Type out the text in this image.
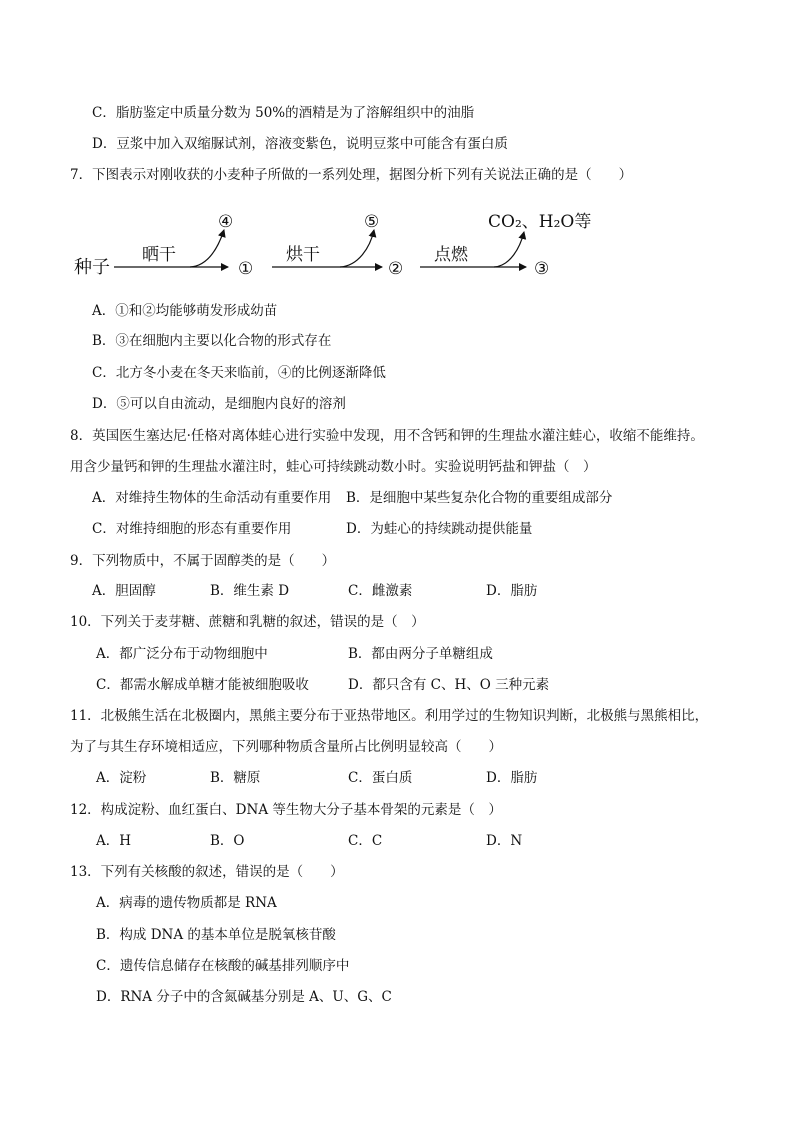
C．脂肪鉴定中质量分数为 50%的酒精是为了溶解组织中的油脂
D．豆浆中加入双缩脲试剂，溶液变紫色，说明豆浆中可能含有蛋白质
7．下图表示对刚收获的小麦种子所做的一系列处理，据图分析下列有关说法正确的是（　　）
种子
晒干
④
①
烘干
⑤
②
点燃
CO₂、H₂O等
③
A．①和②均能够萌发形成幼苗
B．③在细胞内主要以化合物的形式存在
C．北方冬小麦在冬天来临前，④的比例逐渐降低
D．⑤可以自由流动，是细胞内良好的溶剂
8．英国医生塞达尼·任格对离体蛙心进行实验中发现，用不含钙和钾的生理盐水灌注蛙心，收缩不能维持。
用含少量钙和钾的生理盐水灌注时，蛙心可持续跳动数小时。实验说明钙盐和钾盐（　）
A．对维持生物体的生命活动有重要作用 B．是细胞中某些复杂化合物的重要组成部分
C．对维持细胞的形态有重要作用	D．为蛙心的持续跳动提供能量
9．下列物质中，不属于固醇类的是（　　）
A．胆固醇	B．维生素 D	C．雌激素	D．脂肪
10．下列关于麦芽糖、蔗糖和乳糖的叙述，错误的是（　）
A．都广泛分布于动物细胞中	B．都由两分子单糖组成
C．都需水解成单糖才能被细胞吸收	D．都只含有 C、H、O 三种元素
11．北极熊生活在北极圈内，黑熊主要分布于亚热带地区。利用学过的生物知识判断，北极熊与黑熊相比，
为了与其生存环境相适应，下列哪种物质含量所占比例明显较高（　　）
A．淀粉	B．糖原	C．蛋白质	D．脂肪
12．构成淀粉、血红蛋白、DNA 等生物大分子基本骨架的元素是（　）
A．H	B．O	C．C	D．N
13．下列有关核酸的叙述，错误的是（　　）
A．病毒的遗传物质都是 RNA
B．构成 DNA 的基本单位是脱氧核苷酸
C．遗传信息储存在核酸的碱基排列顺序中
D．RNA 分子中的含氮碱基分别是 A、U、G、C
